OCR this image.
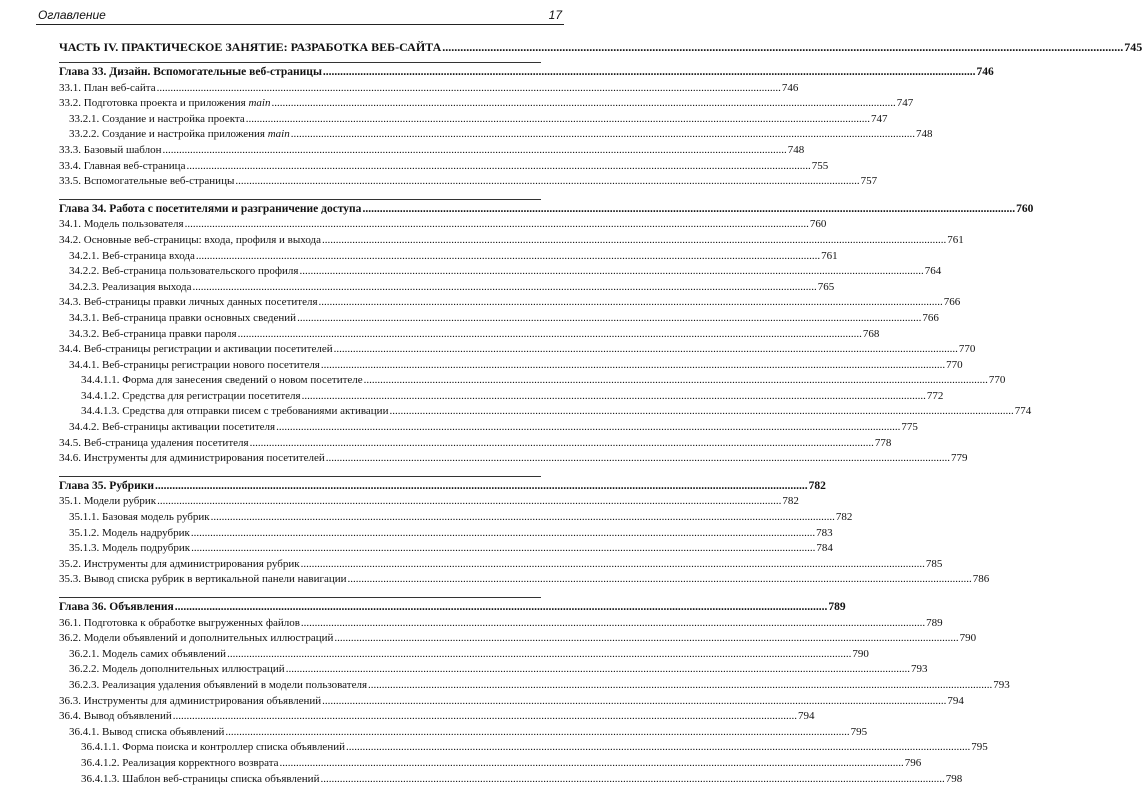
Оглавление	17
ЧАСТЬ IV. ПРАКТИЧЕСКОЕ ЗАНЯТИЕ: РАЗРАБОТКА ВЕБ-САЙТА .....	745
Глава 33. Дизайн. Вспомогательные веб-страницы .....	746
33.1. План веб-сайта .....	746
33.2. Подготовка проекта и приложения main .....	747
33.2.1. Создание и настройка проекта .....	747
33.2.2. Создание и настройка приложения main .....	748
33.3. Базовый шаблон .....	748
33.4. Главная веб-страница .....	755
33.5. Вспомогательные веб-страницы .....	757
Глава 34. Работа с посетителями и разграничение доступа .....	760
34.1. Модель пользователя .....	760
34.2. Основные веб-страницы: входа, профиля и выхода .....	761
34.2.1. Веб-страница входа .....	761
34.2.2. Веб-страница пользовательского профиля .....	764
34.2.3. Реализация выхода .....	765
34.3. Веб-страницы правки личных данных посетителя .....	766
34.3.1. Веб-страница правки основных сведений .....	766
34.3.2. Веб-страница правки пароля .....	768
34.4. Веб-страницы регистрации и активации посетителей .....	770
34.4.1. Веб-страницы регистрации нового посетителя .....	770
34.4.1.1. Форма для занесения сведений о новом посетителе .....	770
34.4.1.2. Средства для регистрации посетителя .....	772
34.4.1.3. Средства для отправки писем с требованиями активации .....	774
34.4.2. Веб-страницы активации посетителя .....	775
34.5. Веб-страница удаления посетителя .....	778
34.6. Инструменты для администрирования посетителей .....	779
Глава 35. Рубрики .....	782
35.1. Модели рубрик .....	782
35.1.1. Базовая модель рубрик .....	782
35.1.2. Модель надрубрик .....	783
35.1.3. Модель подрубрик .....	784
35.2. Инструменты для администрирования рубрик .....	785
35.3. Вывод списка рубрик в вертикальной панели навигации .....	786
Глава 36. Объявления .....	789
36.1. Подготовка к обработке выгруженных файлов .....	789
36.2. Модели объявлений и дополнительных иллюстраций .....	790
36.2.1. Модель самих объявлений .....	790
36.2.2. Модель дополнительных иллюстраций .....	793
36.2.3. Реализация удаления объявлений в модели пользователя .....	793
36.3. Инструменты для администрирования объявлений .....	794
36.4. Вывод объявлений .....	794
36.4.1. Вывод списка объявлений .....	795
36.4.1.1. Форма поиска и контроллер списка объявлений .....	795
36.4.1.2. Реализация корректного возврата .....	796
36.4.1.3. Шаблон веб-страницы списка объявлений .....	798
